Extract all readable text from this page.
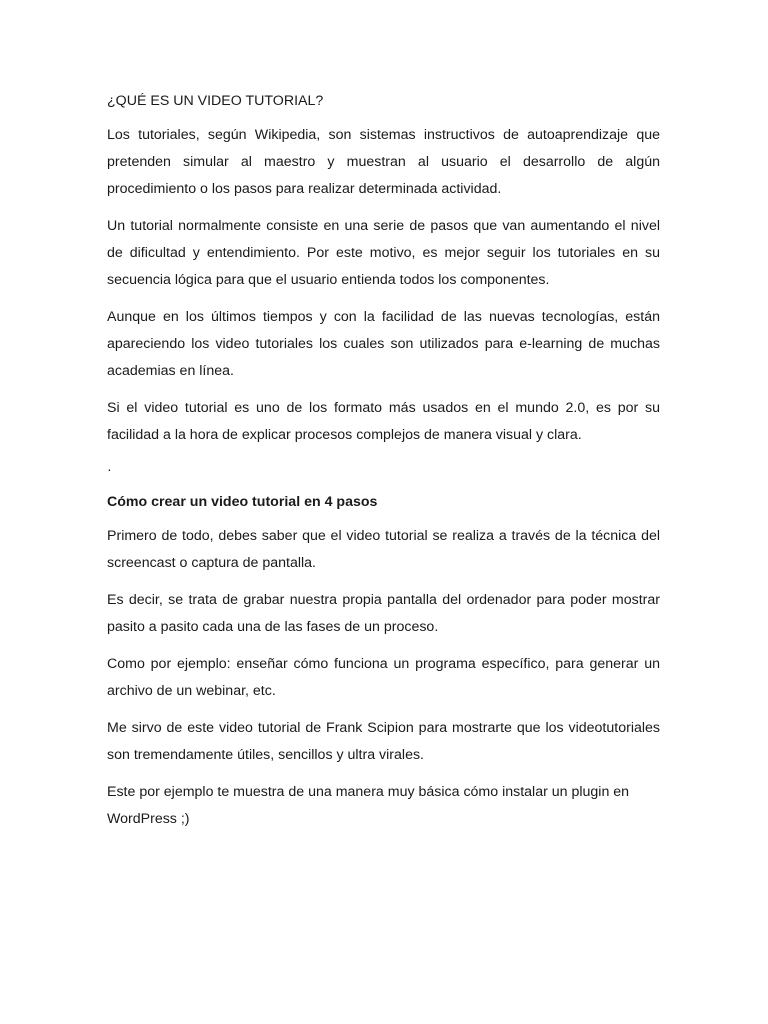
¿QUÉ ES UN VIDEO TUTORIAL?

Los tutoriales, según Wikipedia, son sistemas instructivos de autoaprendizaje que pretenden simular al maestro y muestran al usuario el desarrollo de algún procedimiento o los pasos para realizar determinada actividad.

Un tutorial normalmente consiste en una serie de pasos que van aumentando el nivel de dificultad y entendimiento. Por este motivo, es mejor seguir los tutoriales en su secuencia lógica para que el usuario entienda todos los componentes.

Aunque en los últimos tiempos y con la facilidad de las nuevas tecnologías, están apareciendo los video tutoriales los cuales son utilizados para e-learning de muchas academias en línea.

Si el video tutorial es uno de los formato más usados en el mundo 2.0, es por su facilidad a la hora de explicar procesos complejos de manera visual y clara.

·
Cómo crear un video tutorial en 4 pasos

Primero de todo, debes saber que el video tutorial se realiza a través de la técnica del screencast o captura de pantalla.

Es decir, se trata de grabar nuestra propia pantalla del ordenador para poder mostrar pasito a pasito cada una de las fases de un proceso.

Como por ejemplo: enseñar cómo funciona un programa específico, para generar un archivo de un webinar, etc.

Me sirvo de este video tutorial de Frank Scipion para mostrarte que los videotutoriales son tremendamente útiles, sencillos y ultra virales.

Este por ejemplo te muestra de una manera muy básica cómo instalar un plugin en WordPress ;)
